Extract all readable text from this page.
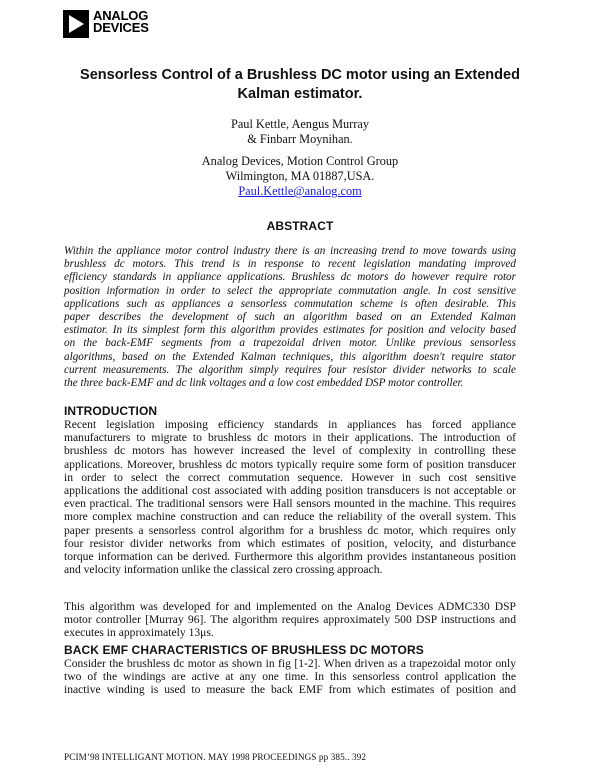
ANALOG
DEVICES
Sensorless Control of a Brushless DC motor using an Extended
Kalman estimator.
Paul Kettle, Aengus Murray
& Finbarr Moynihan.
Analog Devices, Motion Control Group
Wilmington, MA 01887,USA.
Paul.Kettle@analog.com
ABSTRACT
Within the appliance motor control industry there is an increasing trend to move towards using
brushless dc motors. This trend is in response to recent legislation mandating improved
efficiency standards in appliance applications. Brushless dc motors do however require rotor
position information in order to select the appropriate commutation angle. In cost sensitive
applications such as appliances a sensorless commutation scheme is often desirable. This
paper describes the development of such an algorithm based on an Extended Kalman
estimator. In its simplest form this algorithm provides estimates for position and velocity based
on the back-EMF segments from a trapezoidal driven motor. Unlike previous sensorless
algorithms, based on the Extended Kalman techniques, this algorithm doesn't require stator
current measurements. The algorithm simply requires four resistor divider networks to scale
the three back-EMF and dc link voltages and a low cost embedded DSP motor controller.
INTRODUCTION
Recent legislation imposing efficiency standards in appliances has forced appliance
manufacturers to migrate to brushless dc motors in their applications. The introduction of
brushless dc motors has however increased the level of complexity in controlling these
applications. Moreover, brushless dc motors typically require some form of position transducer
in order to select the correct commutation sequence. However in such cost sensitive
applications the additional cost associated with adding position transducers is not acceptable or
even practical. The traditional sensors were Hall sensors mounted in the machine. This requires
more complex machine construction and can reduce the reliability of the overall system. This
paper presents a sensorless control algorithm for a brushless dc motor, which requires only
four resistor divider networks from which estimates of position, velocity, and disturbance
torque information can be derived. Furthermore this algorithm provides instantaneous position
and velocity information unlike the classical zero crossing approach.
This algorithm was developed for and implemented on the Analog Devices ADMC330 DSP
motor controller [Murray 96]. The algorithm requires approximately 500 DSP instructions and
executes in approximately 13μs.
BACK EMF CHARACTERISTICS OF BRUSHLESS DC MOTORS
Consider the brushless dc motor as shown in fig [1-2]. When driven as a trapezoidal motor only
two of the windings are active at any one time. In this sensorless control application the
inactive winding is used to measure the back EMF from which estimates of position and
PCIM’98 INTELLIGANT MOTION. MAY 1998 PROCEEDINGS pp 385.. 392
